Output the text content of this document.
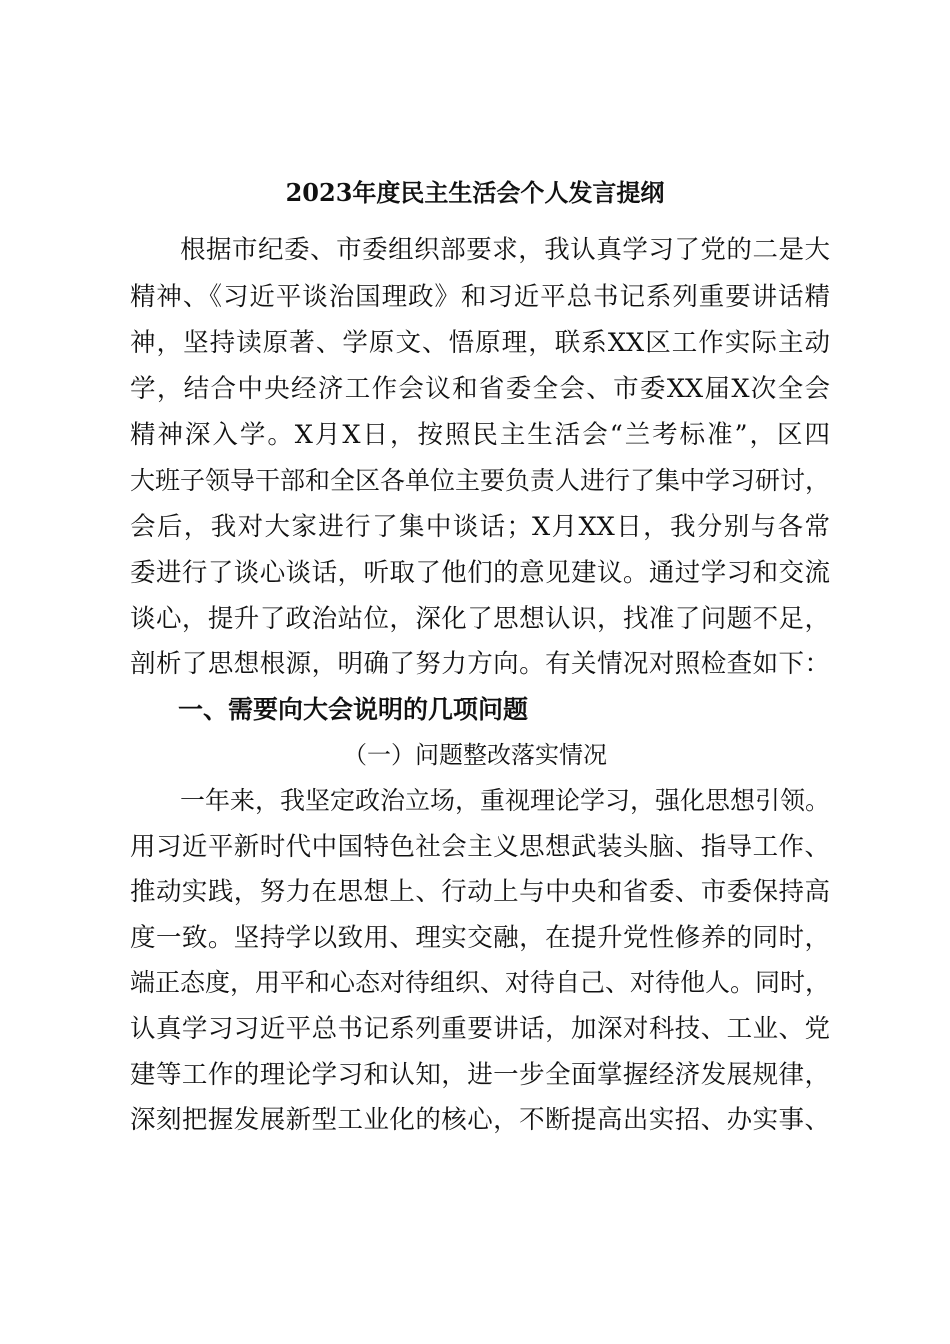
2023年度民主生活会个人发言提纲
根据市纪委、市委组织部要求，我认真学习了党的二是大
精神、《习近平谈治国理政》和习近平总书记系列重要讲话精
神，坚持读原著、学原文、悟原理，联系XX区工作实际主动
学，结合中央经济工作会议和省委全会、市委XX届X次全会
精神深入学。X月X日，按照民主生活会“兰考标准”，区四
大班子领导干部和全区各单位主要负责人进行了集中学习研讨，
会后，我对大家进行了集中谈话；X月XX日，我分别与各常
委进行了谈心谈话，听取了他们的意见建议。通过学习和交流
谈心，提升了政治站位，深化了思想认识，找准了问题不足，
剖析了思想根源，明确了努力方向。有关情况对照检查如下：
一、需要向大会说明的几项问题
（一）问题整改落实情况
一年来，我坚定政治立场，重视理论学习，强化思想引领。
用习近平新时代中国特色社会主义思想武装头脑、指导工作、
推动实践，努力在思想上、行动上与中央和省委、市委保持高
度一致。坚持学以致用、理实交融，在提升党性修养的同时，
端正态度，用平和心态对待组织、对待自己、对待他人。同时，
认真学习习近平总书记系列重要讲话，加深对科技、工业、党
建等工作的理论学习和认知，进一步全面掌握经济发展规律，
深刻把握发展新型工业化的核心，不断提高出实招、办实事、
